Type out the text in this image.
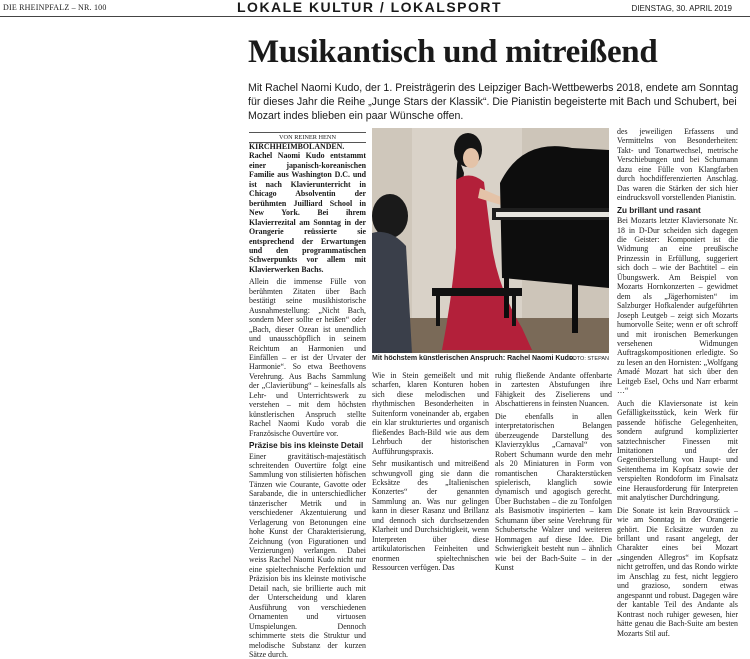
DIE RHEINPFALZ – NR. 100	LOKALE KULTUR / LOKALSPORT	DIENSTAG, 30. APRIL 2019
Musikantisch und mitreißend

Mit Rachel Naomi Kudo, der 1. Preisträgerin des Leipziger Bach-Wettbewerbs 2018, endete am Sonntag für dieses Jahr die Reihe „Junge Stars der Klassik“. Die Pianistin begeisterte mit Bach und Schubert, bei Mozart indes blieben ein paar Wünsche offen.

VON REINER HENN

KIRCHHEIMBOLANDEN. Rachel Naomi Kudo entstammt einer japanisch-koreanischen Familie aus Washington D.C. und ist nach Klavierunterricht in Chicago Absolventin der berühmten Juilliard School in New York. Bei ihrem Klavierrezital am Sonntag in der Orangerie reüssierte sie entsprechend der Erwartungen und den programmatischen Schwerpunkts vor allem mit Klavierwerken Bachs.

Allein die immense Fülle von berühmten Zitaten über Bach bestätigt seine musikhistorische Ausnahmestellung: „Nicht Bach, sondern Meer sollte er heißen“ oder „Bach, dieser Ozean ist unendlich und unausschöpflich in seinem Reichtum an Harmonien und Einfällen – er ist der Urvater der Harmonie“. So etwa Beethovens Verehrung. Aus Bachs Sammlung der „Clavierübung“ – keinesfalls als Lehr- und Unterrichtswerk zu verstehen – mit dem höchsten künstlerischen Anspruch stellte Rachel Naomi Kudo vorab die Französische Ouvertüre vor.

Präzise bis ins kleinste Detail

Einer gravitätisch-majestätisch schreitenden Ouvertüre folgt eine Sammlung von stilisierten höfischen Tänzen wie Courante, Gavotte oder Sarabande, die in unterschiedlicher tänzerischer Metrik und in verschiedener Akzentuierung und Verlagerung von Betonungen eine hohe Kunst der Charakterisierung, Zeichnung (von Figurationen und Verzierungen) verlangen. Dabei weiss Rachel Naomi Kudo nicht nur eine spieltechnische Perfektion und Präzision bis ins kleinste motivische Detail nach, sie brillierte auch mit der Unterscheidung und klaren Ausführung von verschiedenen Ornamenten und virtuosen Umspielungen. Dennoch schimmerte stets die Struktur und melodische Substanz der kurzen Sätze durch.

Mit höchstem künstlerischen Anspruch: Rachel Naomi Kudo.
FOTO: STEPAN

Wie in Stein gemeißelt und mit scharfen, klaren Konturen hoben sich diese melodischen und rhythmischen Besonderheiten in Suitenform voneinander ab, ergaben ein klar strukturiertes und organisch fließendes Bach-Bild wie aus dem Lehrbuch der historischen Aufführungspraxis.

Sehr musikantisch und mitreißend schwungvoll ging sie dann die Ecksätze des „Italienischen Konzertes“ der genannten Sammlung an. Was nur gelingen kann in dieser Rasanz und Brillanz und dennoch sich durchsetzenden Klarheit und Durchsichtigkeit, wenn Interpreten über diese artikulatorischen Feinheiten und enormen spieltechnischen Ressourcen verfügen. Das

ruhig fließende Andante offenbarte in zartesten Abstufungen ihre Fähigkeit des Ziselierens und Abschattierens in feinsten Nuancen.

Die ebenfalls in allen interpretatorischen Belangen überzeugende Darstellung des Klavierzyklus „Carnaval“ von Robert Schumann wurde den mehr als 20 Miniaturen in Form von romantischen Charakterstücken spielerisch, klanglich sowie dynamisch und agogisch gerecht. Über Buchstaben – die zu Tonfolgen als Basismotiv inspirierten – kam Schumann über seine Verehrung für Schubertsche Walzer und weiteren Hommagen auf diese Idee. Die Schwierigkeit besteht nun – ähnlich wie bei der Bach-Suite – in der Kunst

des jeweiligen Erfassens und Vermittelns von Besonderheiten: Takt- und Tonartwechsel, metrische Verschiebungen und bei Schumann dazu eine Fülle von Klangfarben durch hochdifferenzierten Anschlag. Das waren die Stärken der sich hier eindrucksvoll vorstellenden Pianistin.

Zu brillant und rasant

Bei Mozarts letzter Klaviersonate Nr. 18 in D-Dur scheiden sich dagegen die Geister: Komponiert ist die Widmung an eine preußische Prinzessin in Erfüllung, suggeriert sich doch – wie der Bachtitel – ein Übungswerk. Am Beispiel von Mozarts Hornkonzerten – gewidmet dem als „Jägerhornisten“ im Salzburger Hofkalender aufgeführten Joseph Leutgeb – zeigt sich Mozarts humorvolle Seite; wenn er oft schroff und mit ironischen Bemerkungen versehenen Widmungen Auftragskompositionen erledigte. So zu lesen an den Hornisten: „Wolfgang Amadé Mozart hat sich über den Leitgeb Esel, Ochs und Narr erbarmt …“

Auch die Klaviersonate ist kein Gefälligkeitsstück, kein Werk für passende höfische Gelegenheiten, sondern aufgrund komplizierter satztechnischer Finessen mit Imitationen und der Gegenüberstellung von Haupt- und Seitenthema im Kopfsatz sowie der verspielten Rondoform im Finalsatz eine Herausforderung für Interpreten mit analytischer Durchdringung.

Die Sonate ist kein Bravourstück – wie am Sonntag in der Orangerie gehört. Die Ecksätze wurden zu brillant und rasant angelegt, der Charakter eines bei Mozart „singenden Allegros“ im Kopfsatz nicht getroffen, und das Rondo wirkte im Anschlag zu fest, nicht leggiero und grazioso, sondern etwas angespannt und robust. Dagegen wäre der kantable Teil des Andante als Kontrast noch ruhiger gewesen, hier hätte genau die Bach-Suite am besten Mozarts Stil auf.
